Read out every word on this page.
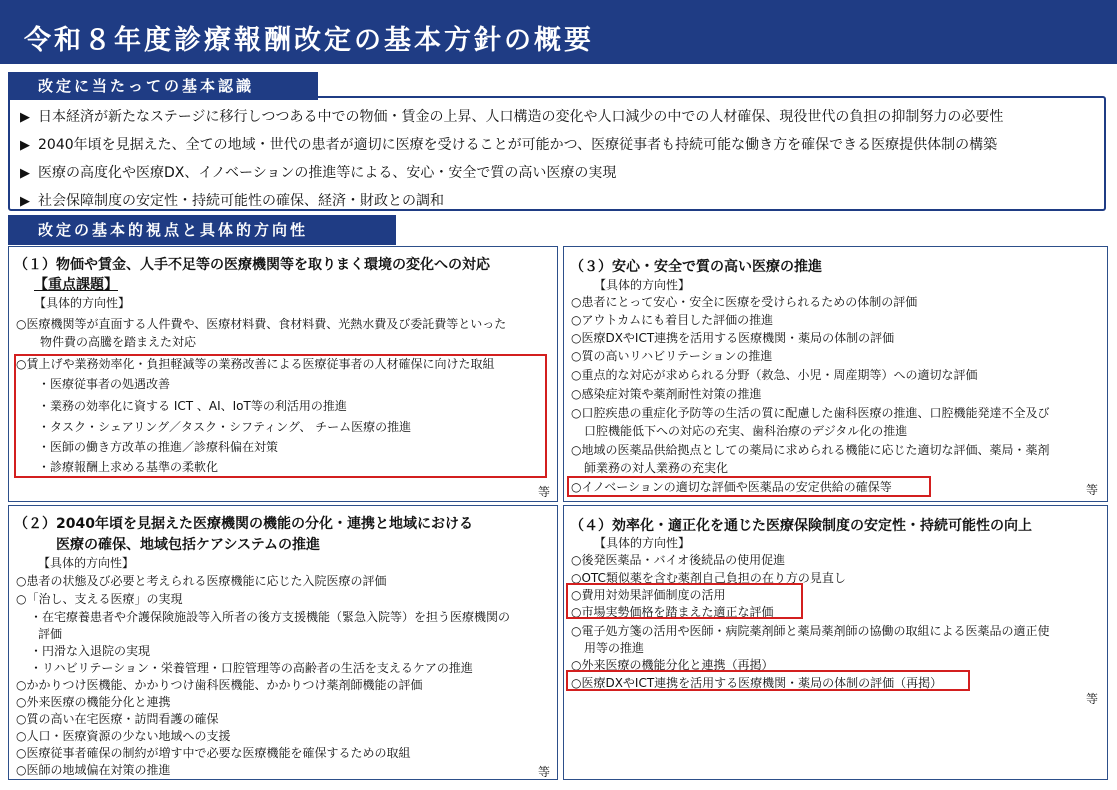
令和８年度診療報酬改定の基本方針の概要
改定に当たっての基本認識
▶ 日本経済が新たなステージに移行しつつある中での物価・賃金の上昇、人口構造の変化や人口減少の中での人材確保、現役世代の負担の抑制努力の必要性
▶ 2040年頃を見据えた、全ての地域・世代の患者が適切に医療を受けることが可能かつ、医療従事者も持続可能な働き方を確保できる医療提供体制の構築
▶ 医療の高度化や医療DX、イノベーションの推進等による、安心・安全で質の高い医療の実現
▶ 社会保障制度の安定性・持続可能性の確保、経済・財政との調和
改定の基本的視点と具体的方向性
（１）物価や賃金、人手不足等の医療機関等を取りまく環境の変化への対応
【重点課題】
【具体的方向性】
○医療機関等が直面する人件費や、医療材料費、食材料費、光熱水費及び委託費等といった
物件費の高騰を踏まえた対応
○賃上げや業務効率化・負担軽減等の業務改善による医療従事者の人材確保に向けた取組
・医療従事者の処遇改善
・業務の効率化に資する ICT 、AI、IoT等の利活用の推進
・タスク・シェアリング／タスク・シフティング、 チーム医療の推進
・医師の働き方改革の推進／診療科偏在対策
・診療報酬上求める基準の柔軟化
等
（３）安心・安全で質の高い医療の推進
【具体的方向性】
○患者にとって安心・安全に医療を受けられるための体制の評価
○アウトカムにも着目した評価の推進
○医療DXやICT連携を活用する医療機関・薬局の体制の評価
○質の高いリハビリテーションの推進
○重点的な対応が求められる分野（救急、小児・周産期等）への適切な評価
○感染症対策や薬剤耐性対策の推進
○口腔疾患の重症化予防等の生活の質に配慮した歯科医療の推進、口腔機能発達不全及び
口腔機能低下への対応の充実、歯科治療のデジタル化の推進
○地域の医薬品供給拠点としての薬局に求められる機能に応じた適切な評価、薬局・薬剤
師業務の対人業務の充実化
○イノベーションの適切な評価や医薬品の安定供給の確保等	等
（２）2040年頃を見据えた医療機関の機能の分化・連携と地域における
医療の確保、地域包括ケアシステムの推進
【具体的方向性】
○患者の状態及び必要と考えられる医療機能に応じた入院医療の評価
○「治し、支える医療」の実現
・在宅療養患者や介護保険施設等入所者の後方支援機能（緊急入院等）を担う医療機関の
評価
・円滑な入退院の実現
・リハビリテーション・栄養管理・口腔管理等の高齢者の生活を支えるケアの推進
○かかりつけ医機能、かかりつけ歯科医機能、かかりつけ薬剤師機能の評価
○外来医療の機能分化と連携
○質の高い在宅医療・訪問看護の確保
○人口・医療資源の少ない地域への支援
○医療従事者確保の制約が増す中で必要な医療機能を確保するための取組
○医師の地域偏在対策の推進	等
（４）効率化・適正化を通じた医療保険制度の安定性・持続可能性の向上
【具体的方向性】
○後発医薬品・バイオ後続品の使用促進
○OTC類似薬を含む薬剤自己負担の在り方の見直し
○費用対効果評価制度の活用
○市場実勢価格を踏まえた適正な評価
○電子処方箋の活用や医師・病院薬剤師と薬局薬剤師の協働の取組による医薬品の適正使
用等の推進
○外来医療の機能分化と連携（再掲）
○医療DXやICT連携を活用する医療機関・薬局の体制の評価（再掲）
等
